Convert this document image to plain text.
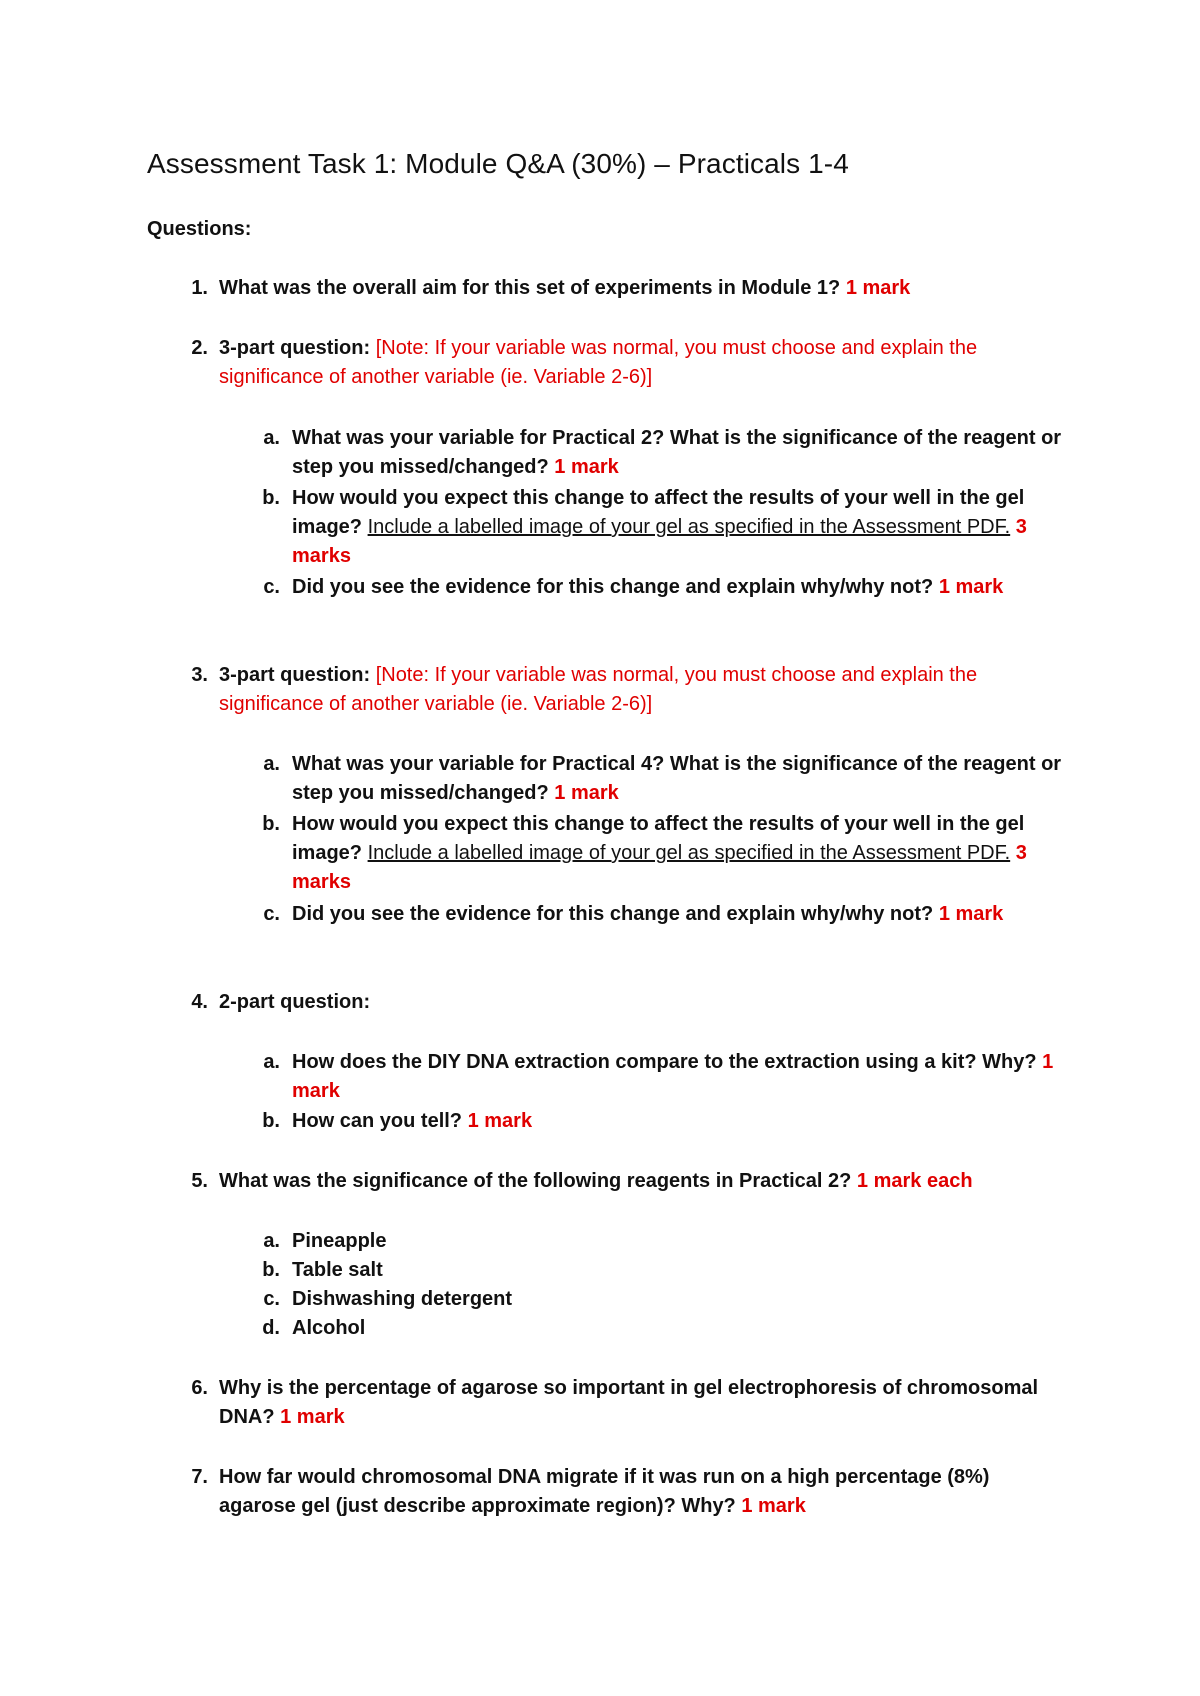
Assessment Task 1: Module Q&A (30%) – Practicals 1-4
Questions:
1. What was the overall aim for this set of experiments in Module 1? 1 mark
2. 3-part question: [Note: If your variable was normal, you must choose and explain the significance of another variable (ie. Variable 2-6)]
a. What was your variable for Practical 2? What is the significance of the reagent or step you missed/changed? 1 mark
b. How would you expect this change to affect the results of your well in the gel image? Include a labelled image of your gel as specified in the Assessment PDF. 3 marks
c. Did you see the evidence for this change and explain why/why not? 1 mark
3. 3-part question: [Note: If your variable was normal, you must choose and explain the significance of another variable (ie. Variable 2-6)]
a. What was your variable for Practical 4? What is the significance of the reagent or step you missed/changed? 1 mark
b. How would you expect this change to affect the results of your well in the gel image? Include a labelled image of your gel as specified in the Assessment PDF. 3 marks
c. Did you see the evidence for this change and explain why/why not? 1 mark
4. 2-part question:
a. How does the DIY DNA extraction compare to the extraction using a kit? Why? 1 mark
b. How can you tell? 1 mark
5. What was the significance of the following reagents in Practical 2? 1 mark each
a. Pineapple
b. Table salt
c. Dishwashing detergent
d. Alcohol
6. Why is the percentage of agarose so important in gel electrophoresis of chromosomal DNA? 1 mark
7. How far would chromosomal DNA migrate if it was run on a high percentage (8%) agarose gel (just describe approximate region)? Why? 1 mark
